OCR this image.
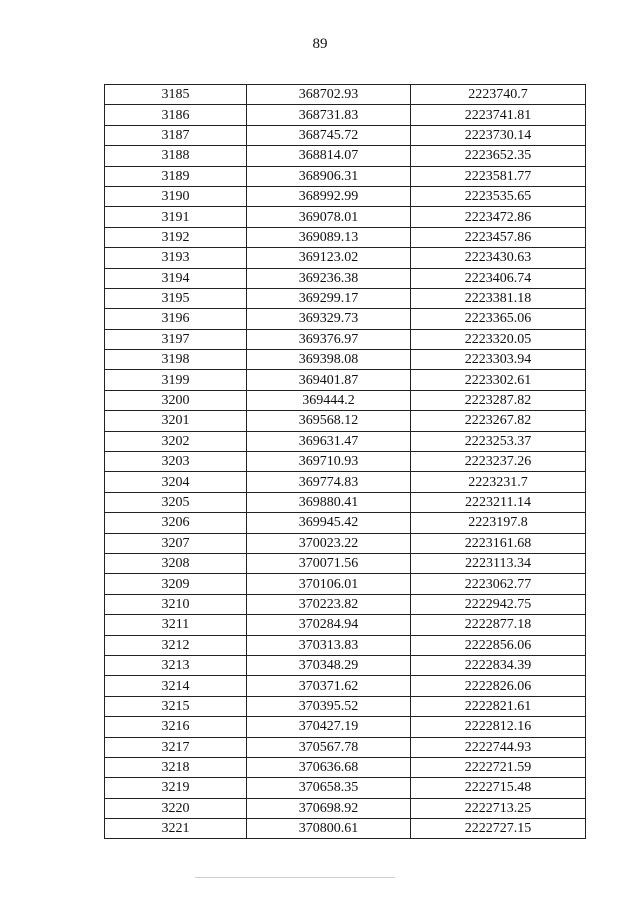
89
3185	368702.93	2223740.7
3186	368731.83	2223741.81
3187	368745.72	2223730.14
3188	368814.07	2223652.35
3189	368906.31	2223581.77
3190	368992.99	2223535.65
3191	369078.01	2223472.86
3192	369089.13	2223457.86
3193	369123.02	2223430.63
3194	369236.38	2223406.74
3195	369299.17	2223381.18
3196	369329.73	2223365.06
3197	369376.97	2223320.05
3198	369398.08	2223303.94
3199	369401.87	2223302.61
3200	369444.2	2223287.82
3201	369568.12	2223267.82
3202	369631.47	2223253.37
3203	369710.93	2223237.26
3204	369774.83	2223231.7
3205	369880.41	2223211.14
3206	369945.42	2223197.8
3207	370023.22	2223161.68
3208	370071.56	2223113.34
3209	370106.01	2223062.77
3210	370223.82	2222942.75
3211	370284.94	2222877.18
3212	370313.83	2222856.06
3213	370348.29	2222834.39
3214	370371.62	2222826.06
3215	370395.52	2222821.61
3216	370427.19	2222812.16
3217	370567.78	2222744.93
3218	370636.68	2222721.59
3219	370658.35	2222715.48
3220	370698.92	2222713.25
3221	370800.61	2222727.15
